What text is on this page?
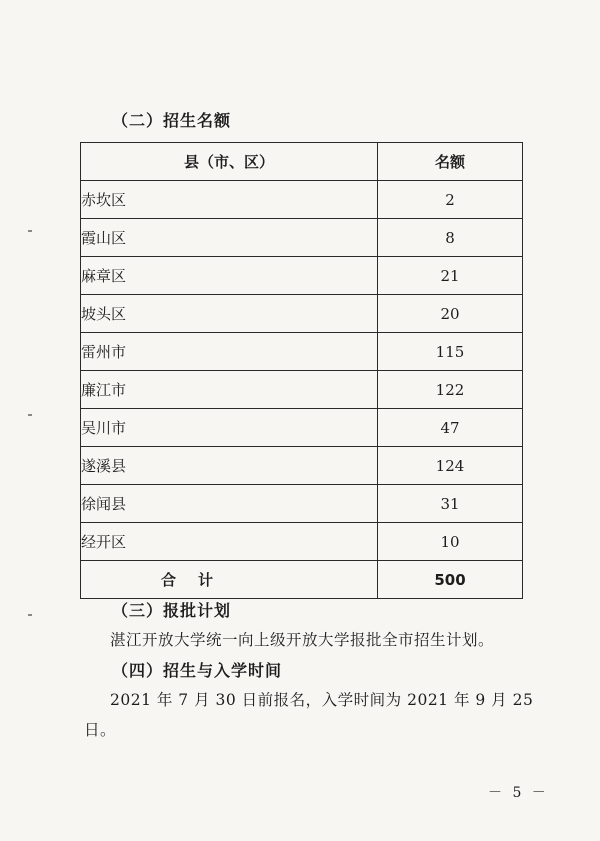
（二）招生名额
县（市、区）	名额
赤坎区	2
霞山区	8
麻章区	21
坡头区	20
雷州市	115
廉江市	122
吴川市	47
遂溪县	124
徐闻县	31
经开区	10
合计	500
（三）报批计划
湛江开放大学统一向上级开放大学报批全市招生计划。
（四）招生与入学时间
2021 年 7 月 30 日前报名，入学时间为 2021 年 9 月 25
日。
－ 5 －
